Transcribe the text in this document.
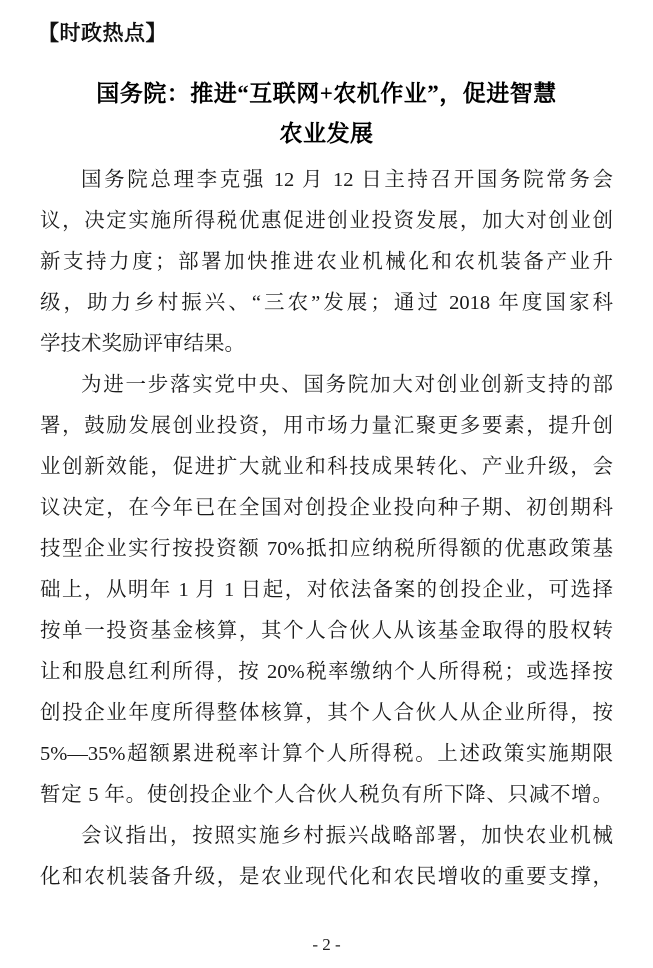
【时政热点】
国务院：推进“互联网+农机作业”，促进智慧
农业发展
国务院总理李克强 12 月 12 日主持召开国务院常务会
议，决定实施所得税优惠促进创业投资发展，加大对创业创
新支持力度；部署加快推进农业机械化和农机装备产业升
级，助力乡村振兴、“三农”发展；通过 2018 年度国家科
学技术奖励评审结果。
为进一步落实党中央、国务院加大对创业创新支持的部
署，鼓励发展创业投资，用市场力量汇聚更多要素，提升创
业创新效能，促进扩大就业和科技成果转化、产业升级，会
议决定，在今年已在全国对创投企业投向种子期、初创期科
技型企业实行按投资额 70%抵扣应纳税所得额的优惠政策基
础上，从明年 1 月 1 日起，对依法备案的创投企业，可选择
按单一投资基金核算，其个人合伙人从该基金取得的股权转
让和股息红利所得，按 20%税率缴纳个人所得税；或选择按
创投企业年度所得整体核算，其个人合伙人从企业所得，按
5%—35%超额累进税率计算个人所得税。上述政策实施期限
暂定 5 年。使创投企业个人合伙人税负有所下降、只减不增。
会议指出，按照实施乡村振兴战略部署，加快农业机械
化和农机装备升级，是农业现代化和农民增收的重要支撑，
- 2 -
